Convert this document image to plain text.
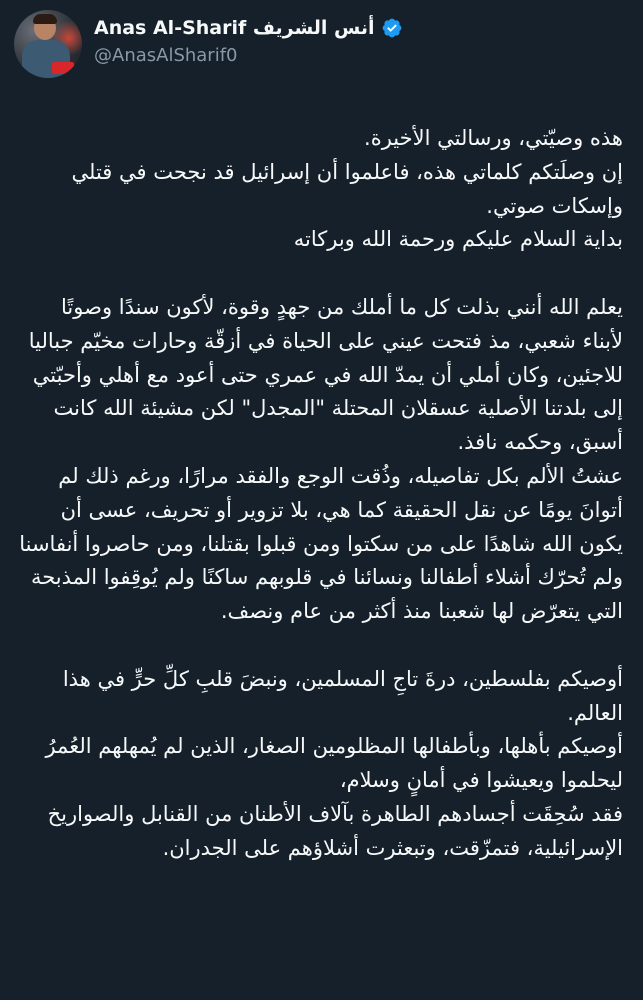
Anas Al-Sharif أنس الشريف
@AnasAlSharif0

هذه وصيّتي، ورسالتي الأخيرة.

إن وصلَتكم كلماتي هذه، فاعلموا أن إسرائيل قد نجحت في قتلي وإسكات صوتي.

بداية السلام عليكم ورحمة الله وبركاته

يعلم الله أنني بذلت كل ما أملك من جهدٍ وقوة، لأكون سندًا وصوتًا لأبناء شعبي، مذ فتحت عيني على الحياة في أزقّة وحارات مخيّم جباليا للاجئين، وكان أملي أن يمدّ الله في عمري حتى أعود مع أهلي وأحبّتي إلى بلدتنا الأصلية عسقلان المحتلة "المجدل" لكن مشيئة الله كانت أسبق، وحكمه نافذ.

عشتُ الألم بكل تفاصيله، وذُقت الوجع والفقد مرارًا، ورغم ذلك لم أتوانَ يومًا عن نقل الحقيقة كما هي، بلا تزوير أو تحريف، عسى أن يكون الله شاهدًا على من سكتوا ومن قبلوا بقتلنا، ومن حاصروا أنفاسنا ولم تُحرّك أشلاء أطفالنا ونسائنا في قلوبهم ساكنًا ولم يُوقِفوا المذبحة التي يتعرّض لها شعبنا منذ أكثر من عام ونصف.

أوصيكم بفلسطين، درةَ تاجِ المسلمين، ونبضَ قلبِ كلِّ حرٍّ في هذا العالم.

أوصيكم بأهلها، وبأطفالها المظلومين الصغار، الذين لم يُمهلهم العُمرُ ليحلموا ويعيشوا في أمانٍ وسلام،

فقد سُحِقَت أجسادهم الطاهرة بآلاف الأطنان من القنابل والصواريخ الإسرائيلية، فتمزّقت، وتبعثرت أشلاؤهم على الجدران.
